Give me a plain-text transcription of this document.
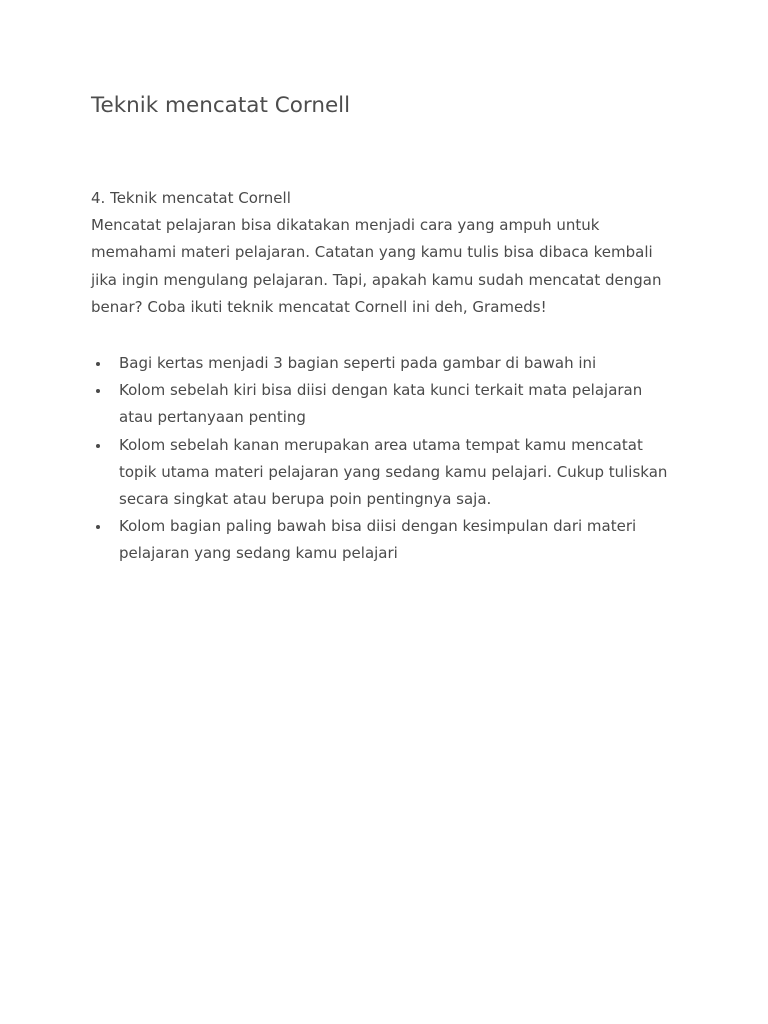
Teknik mencatat Cornell
4. Teknik mencatat Cornell
Mencatat pelajaran bisa dikatakan menjadi cara yang ampuh untuk
memahami materi pelajaran. Catatan yang kamu tulis bisa dibaca kembali
jika ingin mengulang pelajaran. Tapi, apakah kamu sudah mencatat dengan
benar? Coba ikuti teknik mencatat Cornell ini deh, Grameds!
Bagi kertas menjadi 3 bagian seperti pada gambar di bawah ini
Kolom sebelah kiri bisa diisi dengan kata kunci terkait mata pelajaran
atau pertanyaan penting
Kolom sebelah kanan merupakan area utama tempat kamu mencatat
topik utama materi pelajaran yang sedang kamu pelajari. Cukup tuliskan
secara singkat atau berupa poin pentingnya saja.
Kolom bagian paling bawah bisa diisi dengan kesimpulan dari materi
pelajaran yang sedang kamu pelajari
